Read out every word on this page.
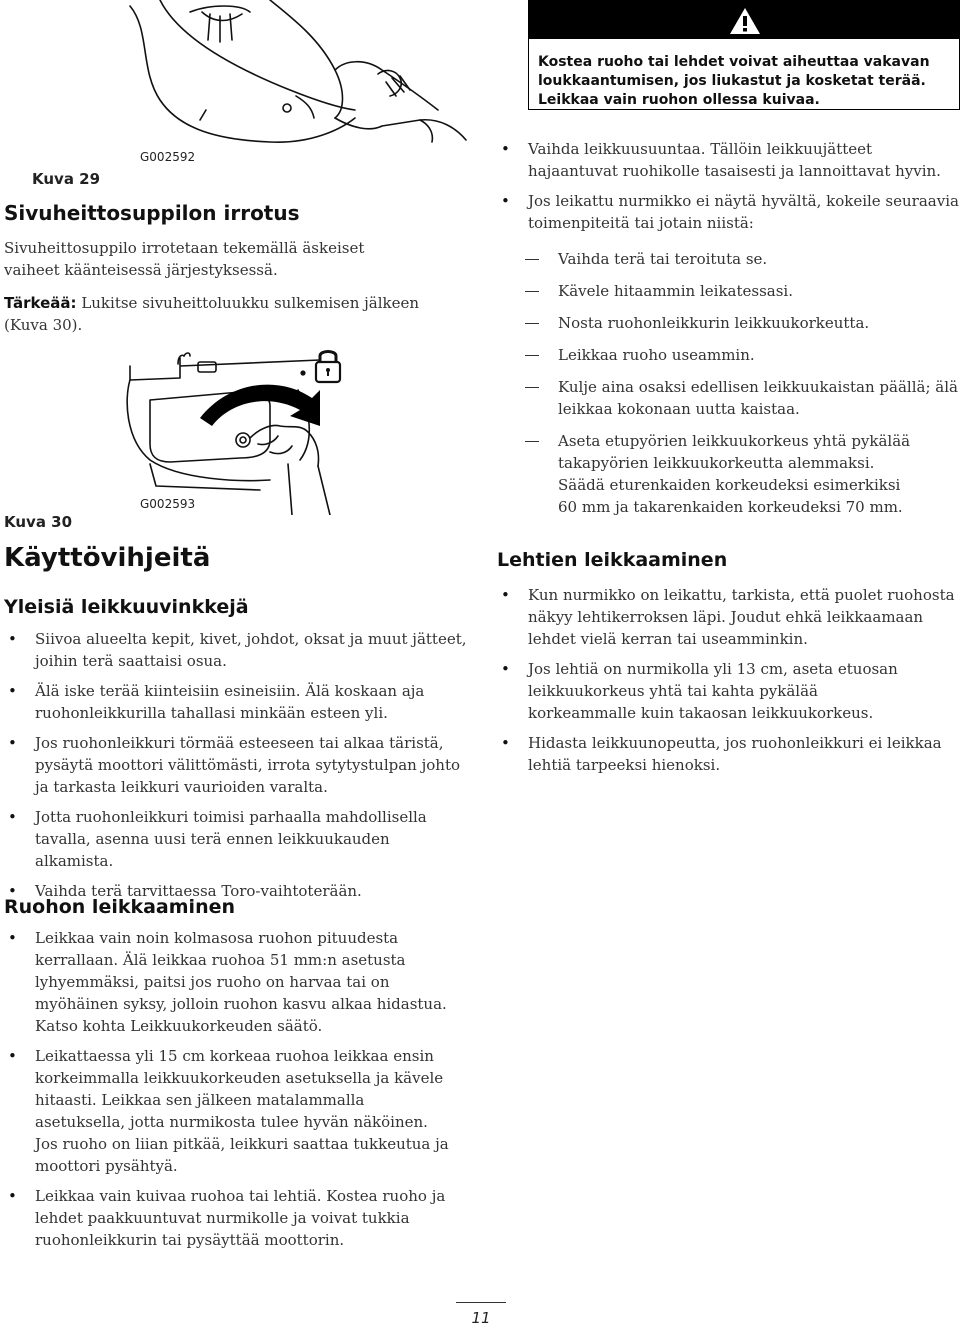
G002592
Kuva 29
Sivuheittosuppilon irrotus
Sivuheittosuppilo irrotetaan tekemällä äskeiset vaiheet käänteisessä järjestyksessä.
Tärkeää: Lukitse sivuheittoluukku sulkemisen jälkeen (Kuva 30).
G002593
Kuva 30
Käyttövihjeitä
Yleisiä leikkuuvinkkejä
• Siivoa alueelta kepit, kivet, johdot, oksat ja muut jätteet, joihin terä saattaisi osua.
• Älä iske terää kiinteisiin esineisiin. Älä koskaan aja ruohonleikkurilla tahallasi minkään esteen yli.
• Jos ruohonleikkuri törmää esteeseen tai alkaa täristä, pysäytä moottori välittömästi, irrota sytytystulpan johto ja tarkasta leikkuri vaurioiden varalta.
• Jotta ruohonleikkuri toimisi parhaalla mahdollisella tavalla, asenna uusi terä ennen leikkuukauden alkamista.
• Vaihda terä tarvittaessa Toro-vaihtoterään.
Ruohon leikkaaminen
• Leikkaa vain noin kolmasosa ruohon pituudesta kerrallaan. Älä leikkaa ruohoa 51 mm:n asetusta lyhyemmäksi, paitsi jos ruoho on harvaa tai on myöhäinen syksy, jolloin ruohon kasvu alkaa hidastua. Katso kohta Leikkuukorkeuden säätö.
• Leikattaessa yli 15 cm korkeaa ruohoa leikkaa ensin korkeimmalla leikkuukorkeuden asetuksella ja kävele hitaasti. Leikkaa sen jälkeen matalammalla asetuksella, jotta nurmikosta tulee hyvän näköinen. Jos ruoho on liian pitkää, leikkuri saattaa tukkeutua ja moottori pysähtyä.
• Leikkaa vain kuivaa ruohoa tai lehtiä. Kostea ruoho ja lehdet paakkuuntuvat nurmikolle ja voivat tukkia ruohonleikkurin tai pysäyttää moottorin.
Kostea ruoho tai lehdet voivat aiheuttaa vakavan loukkaantumisen, jos liukastut ja kosketat terää. Leikkaa vain ruohon ollessa kuivaa.
• Vaihda leikkuusuuntaa. Tällöin leikkuujätteet hajaantuvat ruohikolle tasaisesti ja lannoittavat hyvin.
• Jos leikattu nurmikko ei näytä hyvältä, kokeile seuraavia toimenpiteitä tai jotain niistä:
Vaihda terä tai teroituta se.
Kävele hitaammin leikatessasi.
Nosta ruohonleikkurin leikkuukorkeutta.
Leikkaa ruoho useammin.
Kulje aina osaksi edellisen leikkuukaistan päällä; älä leikkaa kokonaan uutta kaistaa.
Aseta etupyörien leikkuukorkeus yhtä pykälää takapyörien leikkuukorkeutta alemmaksi. Säädä eturenkaiden korkeudeksi esimerkiksi 60 mm ja takarenkaiden korkeudeksi 70 mm.
Lehtien leikkaaminen
• Kun nurmikko on leikattu, tarkista, että puolet ruohosta näkyy lehtikerroksen läpi. Joudut ehkä leikkaamaan lehdet vielä kerran tai useamminkin.
• Jos lehtiä on nurmikolla yli 13 cm, aseta etuosan leikkuukorkeus yhtä tai kahta pykälää korkeammalle kuin takaosan leikkuukorkeus.
• Hidasta leikkuunopeutta, jos ruohonleikkuri ei leikkaa lehtiä tarpeeksi hienoksi.
11
